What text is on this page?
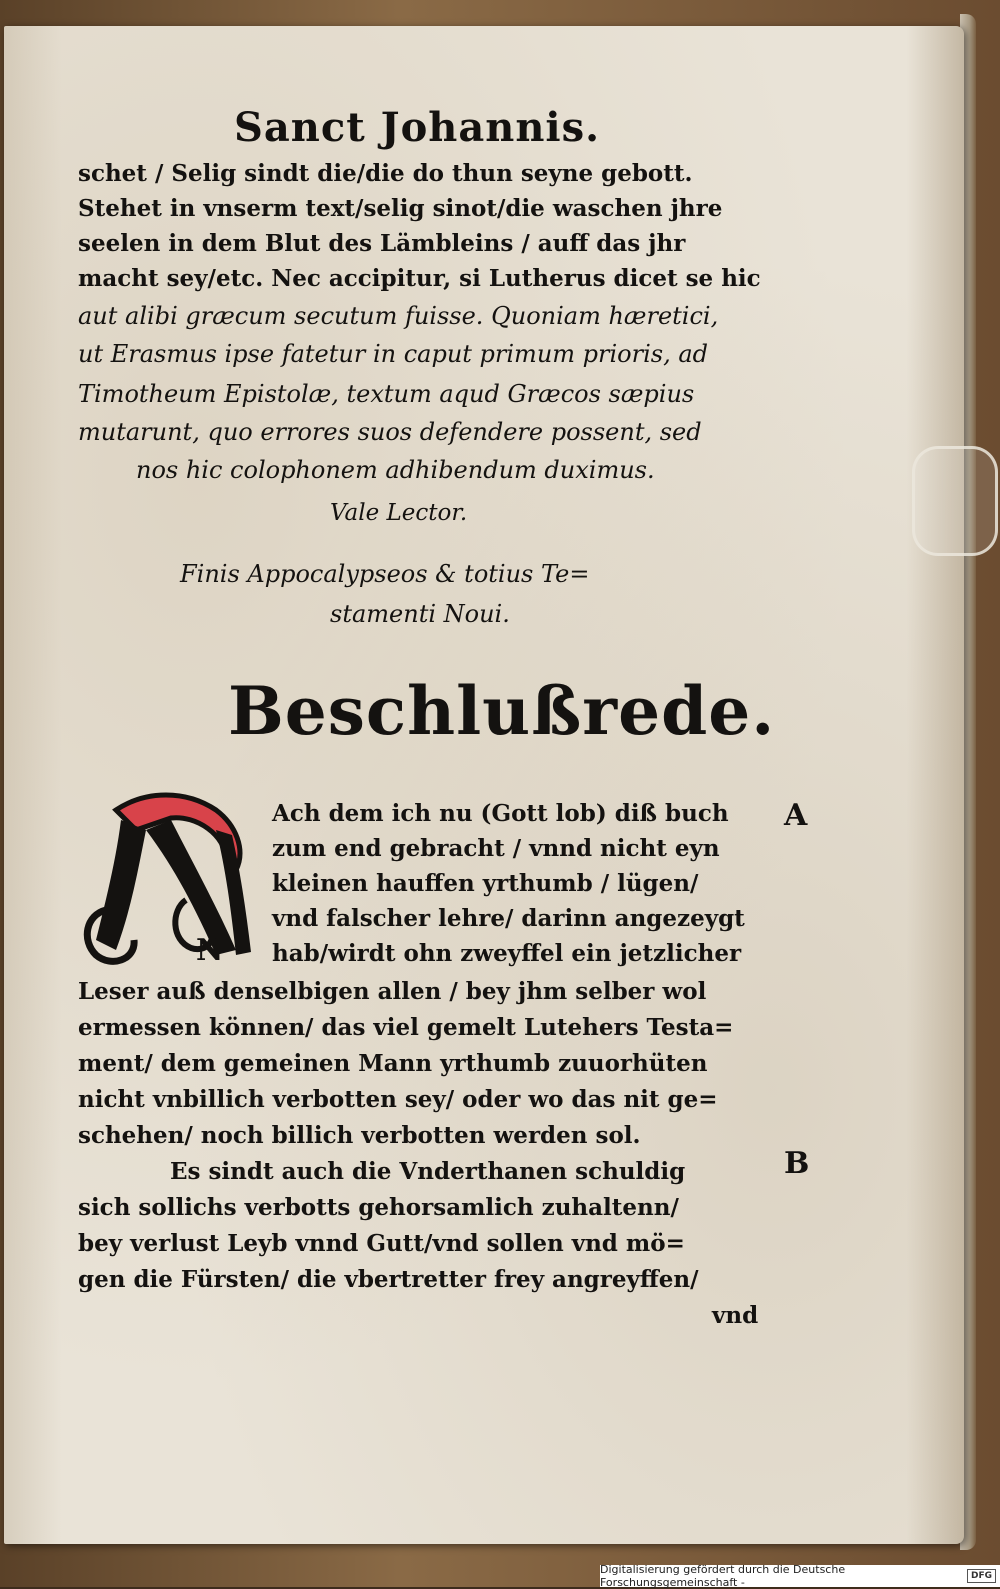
Sanct Johannis.
schet / Selig sindt die/die do thun seyne gebott.
Stehet in vnserm text/selig sinot/die waschen jhre
seelen in dem Blut des Lämbleins / auff das jhr
macht sey/etc. Nec accipitur, si Lutherus dicet se hic
aut alibi græcum secutum fuisse. Quoniam hæretici,
ut Erasmus ipse fatetur in caput primum prioris, ad
Timotheum Epistolæ, textum aqud Græcos sæpius
mutarunt, quo errores suos defendere possent, sed
nos hic colophonem adhibendum duximus.
Vale Lector.
Finis Appocalypseos & totius Te=
stamenti Noui.
Beschlußrede.
N
Ach dem ich nu (Gott lob) diß buch
zum end gebracht / vnnd nicht eyn
kleinen hauffen yrthumb / lügen/
vnd falscher lehre/ darinn angezeygt
hab/wirdt ohn zweyffel ein jetzlicher
Leser auß denselbigen allen / bey jhm selber wol
ermessen können/ das viel gemelt Lutehers Testa=
ment/ dem gemeinen Mann yrthumb zuuorhüten
nicht vnbillich verbotten sey/ oder wo das nit ge=
schehen/ noch billich verbotten werden sol.
Es sindt auch die Vnderthanen schuldig
sich sollichs verbotts gehorsamlich zuhaltenn/
bey verlust Leyb vnnd Gutt/vnd sollen vnd mö=
gen die Fürsten/ die vbertretter frey angreyffen/
vnd
A
B
Digitalisierung gefördert durch die Deutsche Forschungsgemeinschaft -	DFG
